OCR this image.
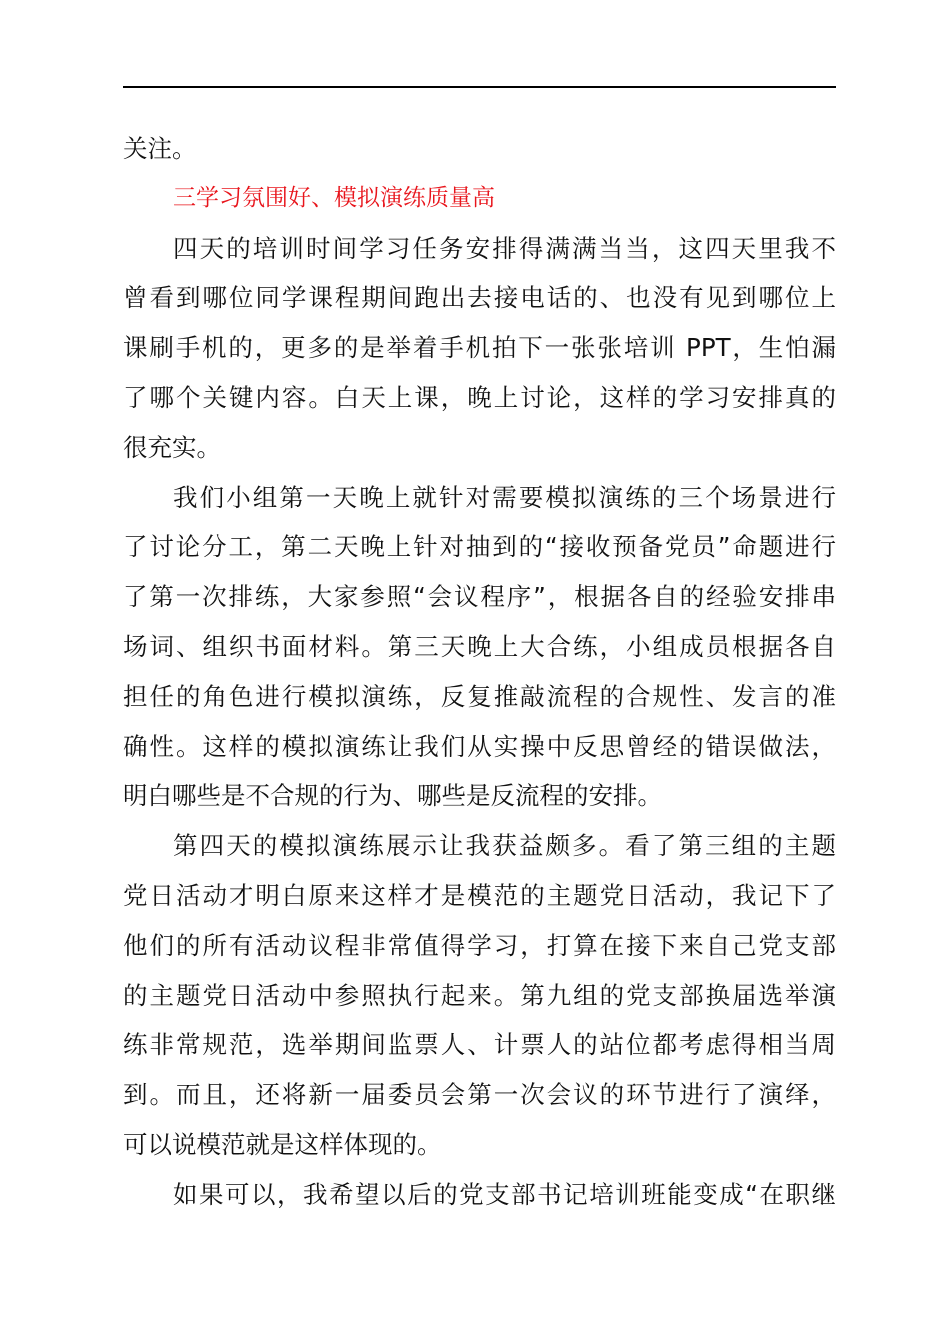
关注。
三学习氛围好、模拟演练质量高
四天的培训时间学习任务安排得满满当当，这四天里我不
曾看到哪位同学课程期间跑出去接电话的、也没有见到哪位上
课刷手机的，更多的是举着手机拍下一张张培训 PPT，生怕漏
了哪个关键内容。白天上课，晚上讨论，这样的学习安排真的
很充实。
我们小组第一天晚上就针对需要模拟演练的三个场景进行
了讨论分工，第二天晚上针对抽到的“接收预备党员”命题进行
了第一次排练，大家参照“会议程序”，根据各自的经验安排串
场词、组织书面材料。第三天晚上大合练，小组成员根据各自
担任的角色进行模拟演练，反复推敲流程的合规性、发言的准
确性。这样的模拟演练让我们从实操中反思曾经的错误做法，
明白哪些是不合规的行为、哪些是反流程的安排。
第四天的模拟演练展示让我获益颇多。看了第三组的主题
党日活动才明白原来这样才是模范的主题党日活动，我记下了
他们的所有活动议程非常值得学习，打算在接下来自己党支部
的主题党日活动中参照执行起来。第九组的党支部换届选举演
练非常规范，选举期间监票人、计票人的站位都考虑得相当周
到。而且，还将新一届委员会第一次会议的环节进行了演绎，
可以说模范就是这样体现的。
如果可以，我希望以后的党支部书记培训班能变成“在职继
